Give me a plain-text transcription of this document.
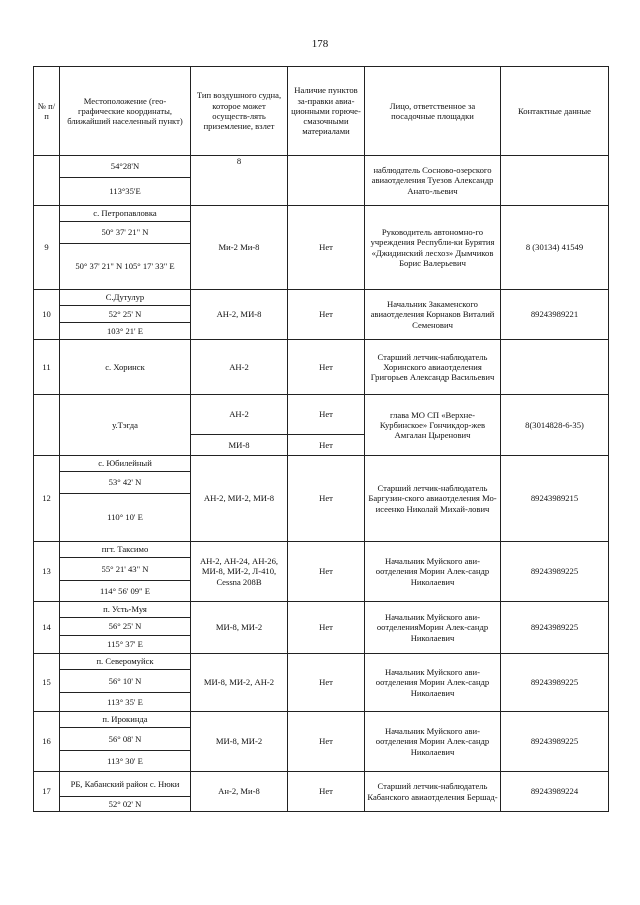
178
№ п/п	Местоположение (гео-графические координаты, ближайший населенный пункт)	Тип воздушного судна, которое может осуществ-лять приземление, взлет	Наличие пунктов за-правки авиа-ционными горюче-смазочными материалами	Лицо, ответственное за посадочные площадки	Контактные данные
	54°28'N	8		наблюдатель Сосново-озерского авиаотделения Туезов Александр Анато-льевич	
	113°35'E				
9	с. Петропавловка	Ми-2 Ми-8	Нет	Руководитель автономно-го учреждения Республи-ки Бурятия «Джидинский лесхоз» Дымчиков Борис Валерьевич	8 (30134) 41549
	50° 37' 21" N				
	50° 37' 21" N 105° 17' 33" E				
10	С.Дутулур	АН-2, МИ-8	Нет	Начальник Закаменского авиаотделения Корнаков Виталий Семенович	89243989221
	52° 25' N				
	103° 21' E				
11	с. Хоринск	АН-2	Нет	Старший летчик-наблюдатель Хоринского авиаотделения Григорьев Александр Васильевич	
	у.Тэгда	АН-2	Нет	глава МО СП «Верхне-Курбинское» Гончикдор-жев Амгалан Цыренович	8(3014828-6-35)
		МИ-8	Нет		
12	с. Юбилейный	АН-2, МИ-2, МИ-8	Нет	Старший летчик-наблюдатель Баргузин-ского авиаотделения Мо-исеенко Николай Михай-лович	89243989215
	53° 42' N				
	110° 10' E				
13	пгт. Таксимо	АН-2, АН-24, АН-26, МИ-8, МИ-2, Л-410, Cessna 208B	Нет	Начальник Муйского ави-оотделения Морин Алек-сандр Николаевич	89243989225
	55° 21' 43" N				
	114° 56' 09" E				
14	п. Усть-Муя	МИ-8, МИ-2	Нет	Начальник Муйского ави-оотделенияМорин Алек-сандр Николаевич	89243989225
	56° 25' N				
	115° 37' E				
15	п. Северомуйск	МИ-8, МИ-2, АН-2	Нет	Начальник Муйского ави-оотделения Морин Алек-сандр Николаевич	89243989225
	56° 10' N				
	113° 35' E				
16	п. Ирокинда	МИ-8, МИ-2	Нет	Начальник Муйского ави-оотделения Морин Алек-сандр Николаевич	89243989225
	56° 08' N				
	113° 30' E				
17	РБ, Кабанский район с. Нюки	Ан-2, Ми-8	Нет	Старший летчик-наблюдатель Кабанского авиаотделения Бершад-	89243989224
	52° 02' N				
